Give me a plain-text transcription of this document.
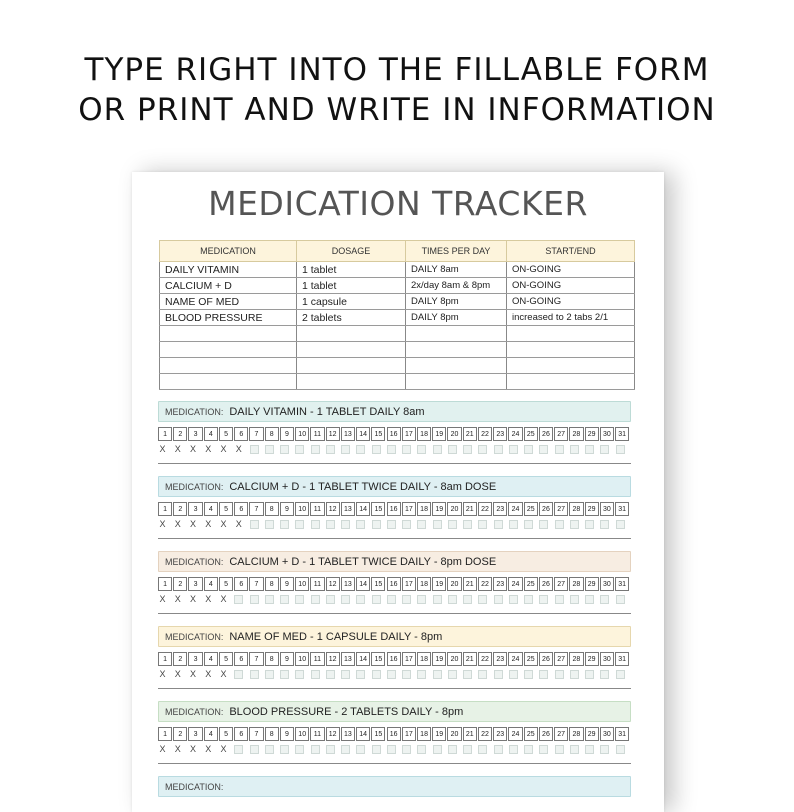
TYPE RIGHT INTO THE FILLABLE FORM
OR PRINT AND WRITE IN INFORMATION
MEDICATION TRACKER
MEDICATION	DOSAGE	TIMES PER DAY	START/END
DAILY VITAMIN	1 tablet	DAILY 8am	ON-GOING
CALCIUM + D	1 tablet	2x/day 8am & 8pm	ON-GOING
NAME OF MED	1 capsule	DAILY 8pm	ON-GOING
BLOOD PRESSURE	2 tablets	DAILY 8pm	increased to 2 tabs 2/1

MEDICATION: DAILY VITAMIN - 1 TABLET DAILY 8am
1	2	3	4	5	6	7	8	9	10	11	12	13	14	15	16	17	18	19	20	21	22	23	24	25	26	27	28	29	30	31
X X X X X X
MEDICATION: CALCIUM + D - 1 TABLET TWICE DAILY - 8am DOSE
1	2	3	4	5	6	7	8	9	10	11	12	13	14	15	16	17	18	19	20	21	22	23	24	25	26	27	28	29	30	31
X X X X X X
MEDICATION: CALCIUM + D - 1 TABLET TWICE DAILY - 8pm DOSE
1	2	3	4	5	6	7	8	9	10	11	12	13	14	15	16	17	18	19	20	21	22	23	24	25	26	27	28	29	30	31
X X X X X
MEDICATION: NAME OF MED - 1 CAPSULE DAILY - 8pm
1	2	3	4	5	6	7	8	9	10	11	12	13	14	15	16	17	18	19	20	21	22	23	24	25	26	27	28	29	30	31
X X X X X
MEDICATION: BLOOD PRESSURE - 2 TABLETS DAILY - 8pm
1	2	3	4	5	6	7	8	9	10	11	12	13	14	15	16	17	18	19	20	21	22	23	24	25	26	27	28	29	30	31
X X X X X
MEDICATION:
